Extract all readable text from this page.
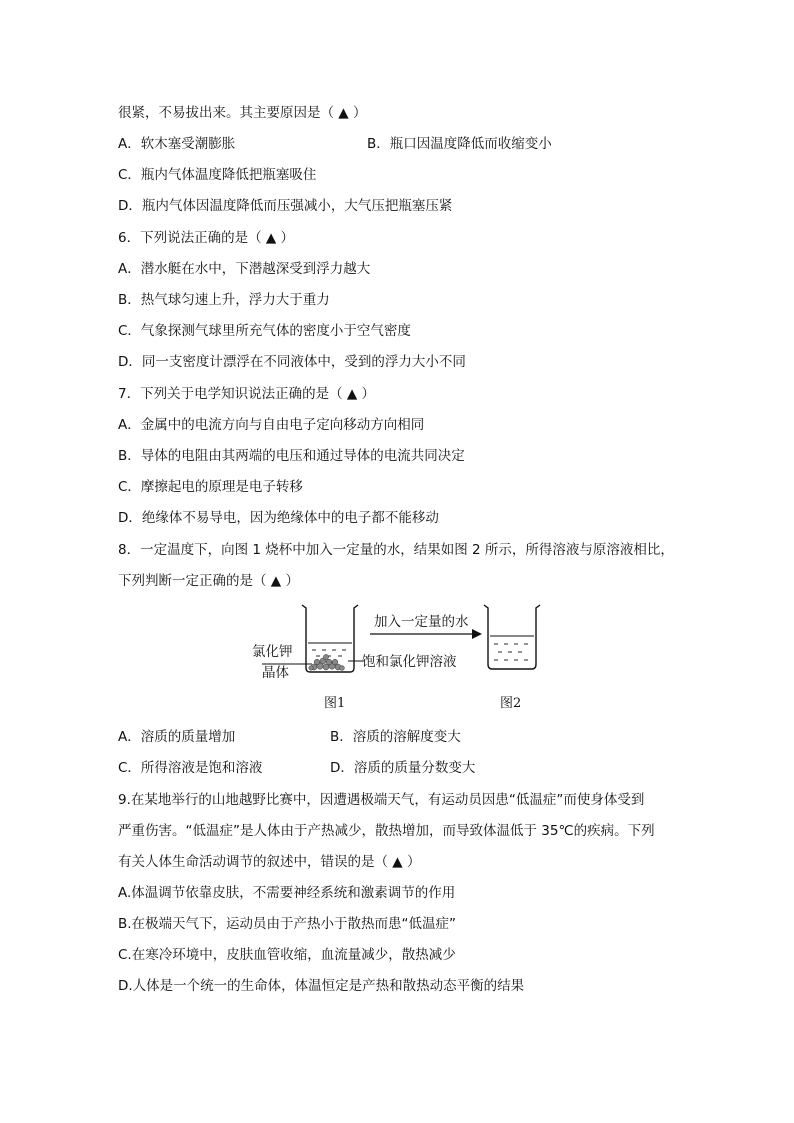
很紧，不易拔出来。其主要原因是（ ▲ ）
A．软木塞受潮膨胀	B．瓶口因温度降低而收缩变小
C．瓶内气体温度降低把瓶塞吸住
D．瓶内气体因温度降低而压强减小，大气压把瓶塞压紧
6．下列说法正确的是（ ▲ ）
A．潜水艇在水中，下潜越深受到浮力越大
B．热气球匀速上升，浮力大于重力
C．气象探测气球里所充气体的密度小于空气密度
D．同一支密度计漂浮在不同液体中，受到的浮力大小不同
7．下列关于电学知识说法正确的是（ ▲ ）
A．金属中的电流方向与自由电子定向移动方向相同
B．导体的电阻由其两端的电压和通过导体的电流共同决定
C．摩擦起电的原理是电子转移
D．绝缘体不易导电，因为绝缘体中的电子都不能移动
8．一定温度下，向图 1 烧杯中加入一定量的水，结果如图 2 所示，所得溶液与原溶液相比，
下列判断一定正确的是（ ▲ ）
氯化钾
晶体
饱和氯化钾溶液
加入一定量的水
图1	图2
A．溶质的质量增加	B．溶质的溶解度变大
C．所得溶液是饱和溶液	D．溶质的质量分数变大
9.在某地举行的山地越野比赛中，因遭遇极端天气，有运动员因患“低温症”而使身体受到
严重伤害。“低温症”是人体由于产热减少，散热增加，而导致体温低于 35℃的疾病。下列
有关人体生命活动调节的叙述中，错误的是（ ▲ ）
A.体温调节依靠皮肤，不需要神经系统和激素调节的作用
B.在极端天气下，运动员由于产热小于散热而患“低温症”
C.在寒冷环境中，皮肤血管收缩，血流量减少，散热减少
D.人体是一个统一的生命体，体温恒定是产热和散热动态平衡的结果
